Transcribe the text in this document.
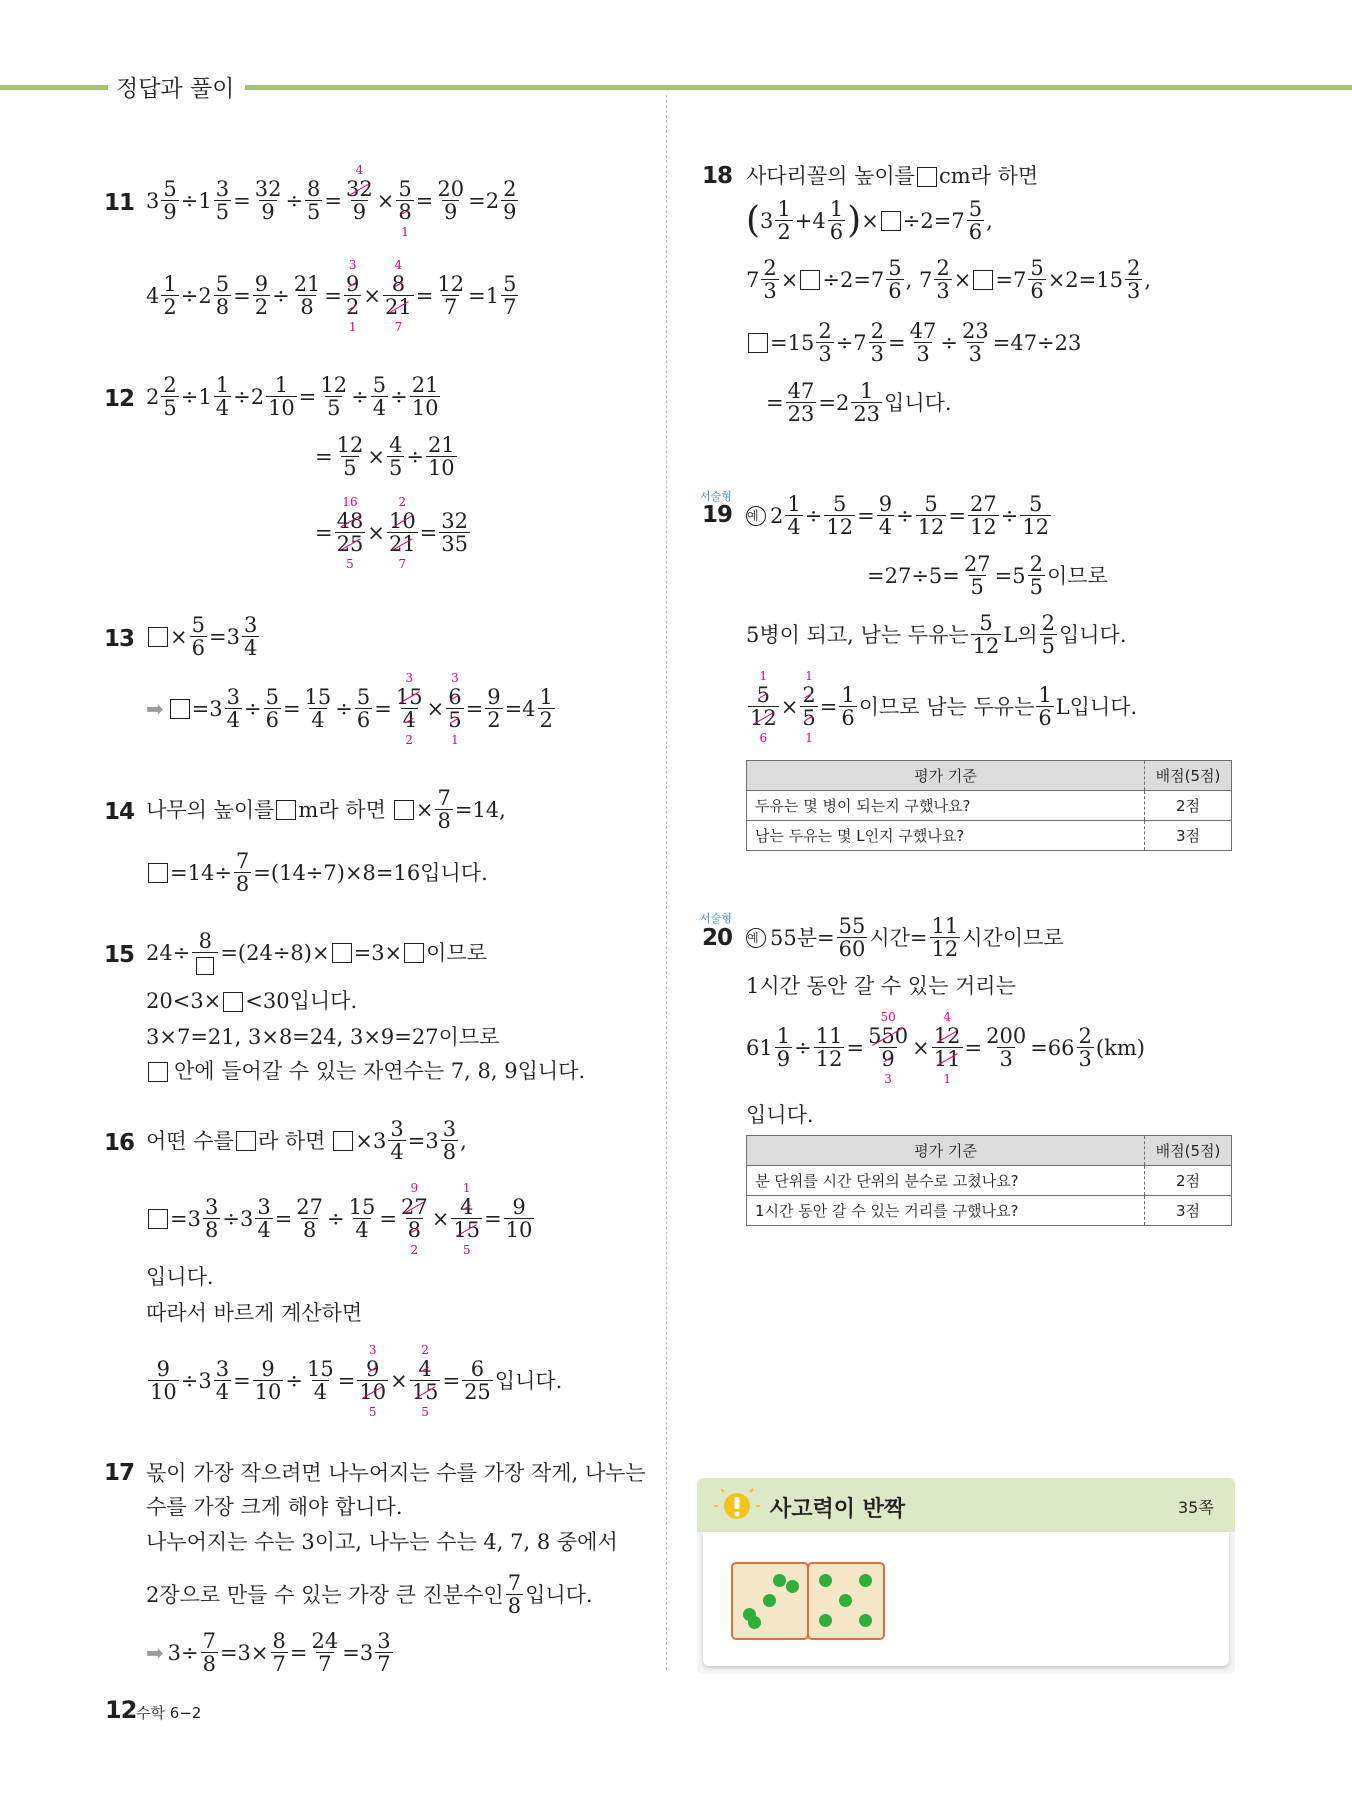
정답과 풀이
11 $3 \frac{5}{9} \div 1 \frac{3}{5} = \frac{32}{9} \div \frac{8}{5} = 4$
32
9 × 5
8
$1 = \frac{20}{9} =2 \frac{2}{9}$
$4 \frac{1}{2} \div 2 \frac{5}{8} = \frac{9}{2} \div \frac{21}{8} = 3$
9
2
1 × 4
8
21
$7 = \frac{12}{7} =1 \frac{5}{7}$
12 $2 \frac{2}{5} \div 1 \frac{1}{4} \div 2 \frac{1}{10} = \frac{12}{5} \div \frac{5}{4} \div \frac{21}{10}$
= $\frac{12}{5} \times \frac{4}{5} \div \frac{21}{10}$
= 16
48
25
5 × 2
10
21
$7 = \frac{32}{35}$
$13 \times \frac{5}{6} =3 \frac{3}{4}$
➡ $=3 \frac{3}{4} \div \frac{5}{6} = \frac{15}{4} \div \frac{5}{6} = 3$
15
4
2 × 3
6
5
$1 = \frac{9}{2} =4 \frac{1}{2}$
14 나무의 높이를 m라 하면 × $\frac{7}{8} =14$,
$=14\div \frac{7}{8} =(14\div 7)\times 8=16$입니다.
15 24÷ 8 =(24÷8)× =3× 이므로
20<3× <30입니다.
3×7=21, 3×8=24, 3×9=27이므로
안에 들어갈 수 있는 자연수는 7, 8, 9입니다.
16 어떤 수를 라 하면 $\times 3 \frac{3}{4} =3 \frac{3}{8}$ ,
$=3 \frac{3}{8} \div 3 \frac{3}{4} = \frac{27}{8} \div \frac{15}{4} = 9$
27
8
2 × 1
4
15
$5 = \frac{9}{10}$
입니다.
따라서 바르게 계산하면
$\frac{9}{10} \div 3 \frac{3}{4} = \frac{9}{10} \div \frac{15}{4} = 3$
9
10
5 × 2
4
15
$5 = \frac{6}{25}$ 입니다.
17 몫이 가장 작으려면 나누어지는 수를 가장 작게, 나누는
수를 가장 크게 해야 합니다.
나누어지는 수는 3이고, 나누는 수는 4, 7, 8 중에서
2장으로 만들 수 있는 가장 큰 진분수인 $\frac{7}{8}$ 입니다.
➡ $3\div \frac{7}{8} =3\times \frac{8}{7} = \frac{24}{7} =3 \frac{3}{7}$
18 사다리꼴의 높이를 cm라 하면
( $3 \frac{1}{2} +4 \frac{1}{6}$ ) × $\div 2=7 \frac{5}{6}$ ,
$7 \frac{2}{3} \times \div 2=7 \frac{5}{6}$ , $7 \frac{2}{3} \times =7 \frac{5}{6} \times 2=15 \frac{2}{3}$ ,
$=15 \frac{2}{3} \div 7 \frac{2}{3} = \frac{47}{3} \div \frac{23}{3} =47\div 23$
= $\frac{47}{23} =2 \frac{1}{23}$ 입니다.
서술형
19 예 $2 \frac{1}{4} \div \frac{5}{12} = \frac{9}{4} \div \frac{5}{12} = \frac{27}{12} \div \frac{5}{12}$
$=27\div 5= \frac{27}{5} =5 \frac{2}{5}$ 이므로
5병이 되고, 남는 두유는 $\frac{5}{12}$ L의 $\frac{2}{5}$ 입니다.
1
5
12
6 × 1
2
5
$1 = \frac{1}{6}$ 이므로 남는 두유는 $\frac{1}{6}$ L입니다.
평가 기준	배점(5점)
두유는 몇 병이 되는지 구했나요?	2점
남는 두유는 몇 L인지 구했나요?	3점
서술형
20 예 55분= $\frac{55}{60}$ 시간= $\frac{11}{12}$ 시간이므로
1시간 동안 갈 수 있는 거리는
$61 \frac{1}{9} \div \frac{11}{12} = 50$
550
9
3 × 4
12
11
$1 = \frac{200}{3} =66 \frac{2}{3} (km)$
입니다.
평가 기준	배점(5점)
분 단위를 시간 단위의 분수로 고쳤나요?	2점
1시간 동안 갈 수 있는 거리를 구했나요?	3점
사고력이 반짝	35쪽
12 수학 6−2
